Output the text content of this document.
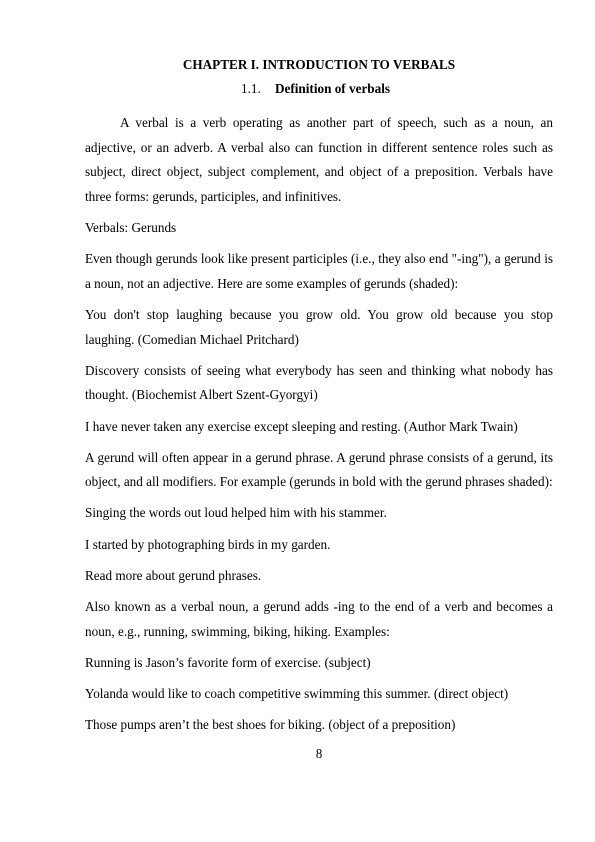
CHAPTER I. INTRODUCTION TO VERBALS
1.1. Definition of verbals

A verbal is a verb operating as another part of speech, such as a noun, an adjective, or an adverb. A verbal also can function in different sentence roles such as subject, direct object, subject complement, and object of a preposition. Verbals have three forms: gerunds, participles, and infinitives.

Verbals: Gerunds

Even though gerunds look like present participles (i.e., they also end "-ing"), a gerund is a noun, not an adjective. Here are some examples of gerunds (shaded):

You don't stop laughing because you grow old. You grow old because you stop laughing. (Comedian Michael Pritchard)

Discovery consists of seeing what everybody has seen and thinking what nobody has thought. (Biochemist Albert Szent-Gyorgyi)

I have never taken any exercise except sleeping and resting. (Author Mark Twain)

A gerund will often appear in a gerund phrase. A gerund phrase consists of a gerund, its object, and all modifiers. For example (gerunds in bold with the gerund phrases shaded):

Singing the words out loud helped him with his stammer.

I started by photographing birds in my garden.

Read more about gerund phrases.

Also known as a verbal noun, a gerund adds -ing to the end of a verb and becomes a noun, e.g., running, swimming, biking, hiking. Examples:

Running is Jason’s favorite form of exercise. (subject)

Yolanda would like to coach competitive swimming this summer. (direct object)

Those pumps aren’t the best shoes for biking. (object of a preposition)

8
